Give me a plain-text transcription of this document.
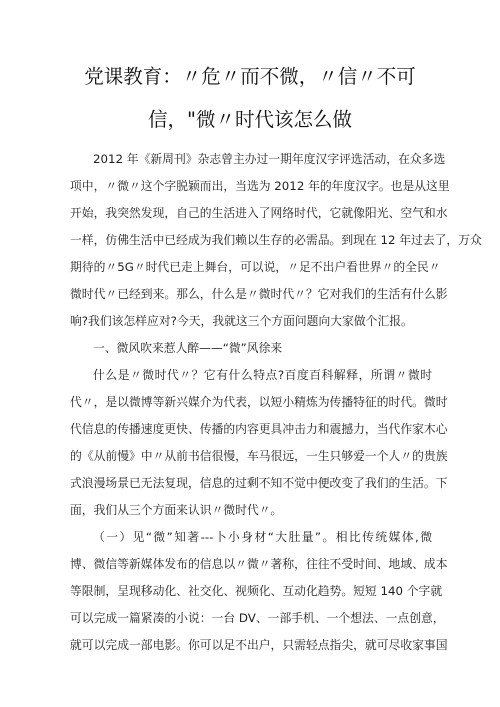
党课教育：〃危〃而不微，〃信〃不可
信，"微〃时代该怎么做
2012 年《新周刊》杂志曾主办过一期年度汉字评选活动，在众多选
项中，〃微〃这个字脱颖而出，当选为 2012 年的年度汉字。也是从这里
开始，我突然发现，自己的生活进入了网络时代，它就像阳光、空气和水
一样，仿佛生活中已经成为我们赖以生存的必需品。到现在 12 年过去了，万众
期待的〃5G〃时代已走上舞台，可以说，〃足不出户看世界〃的全民〃
微时代〃已经到来。那么，什么是〃微时代〃？它对我们的生活有什么影
响?我们该怎样应对?今天，我就这三个方面问题向大家做个汇报。
一、微风吹来惹人醉——“微”风徐来
什么是〃微时代〃？它有什么特点?百度百科解释，所谓〃微时
代〃，是以微博等新兴媒介为代表，以短小精炼为传播特征的时代。微时
代信息的传播速度更快、传播的内容更具冲击力和震撼力，当代作家木心
的《从前慢》中〃从前书信很慢，车马很远，一生只够爱一个人〃的贵族
式浪漫场景已无法复现，信息的过剩不知不觉中便改变了我们的生活。下
面，我们从三个方面来认识〃微时代〃。
（一）见“微”知著---卜小身材“大肚量”。相比传统媒体,微
博、微信等新媒体发布的信息以〃微〃著称，往往不受时间、地域、成本
等限制，呈现移动化、社交化、视频化、互动化趋势。短短 140 个字就
可以完成一篇紧凑的小说：一台 DV、一部手机、一个想法、一点创意，
就可以完成一部电影。你可以足不出户，只需轻点指尖，就可尽收家事国
